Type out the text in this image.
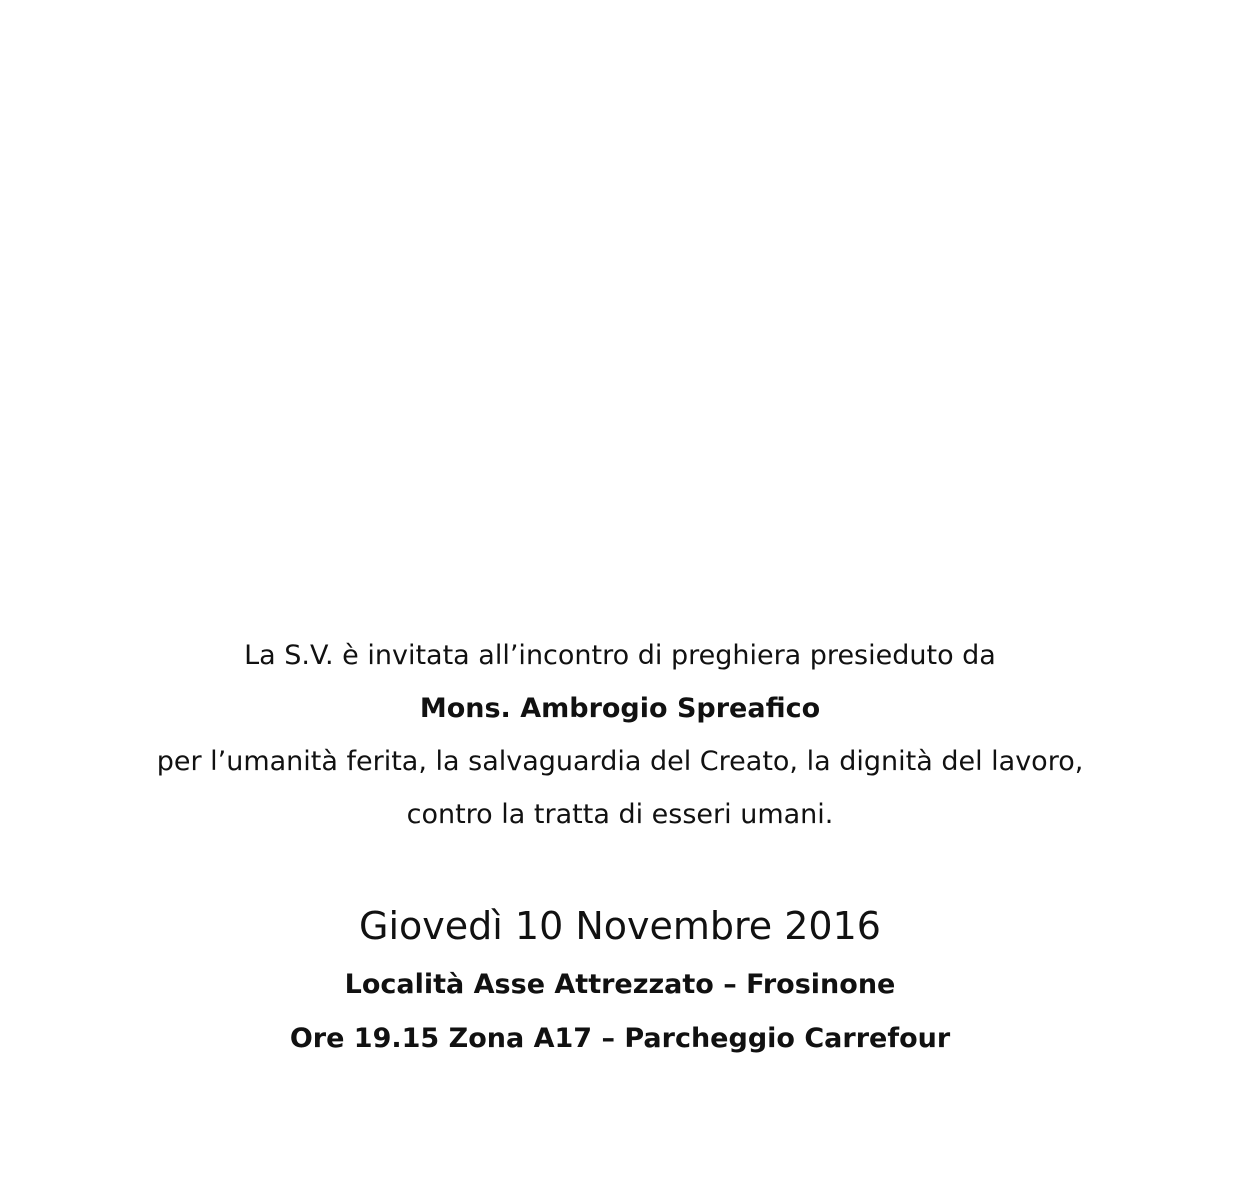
La S.V. è invitata all’incontro di preghiera presieduto da
Mons. Ambrogio Spreafico
per l’umanità ferita, la salvaguardia del Creato, la dignità del lavoro,
contro la tratta di esseri umani.
Giovedì 10 Novembre 2016
Località Asse Attrezzato – Frosinone
Ore 19.15 Zona A17 – Parcheggio Carrefour
